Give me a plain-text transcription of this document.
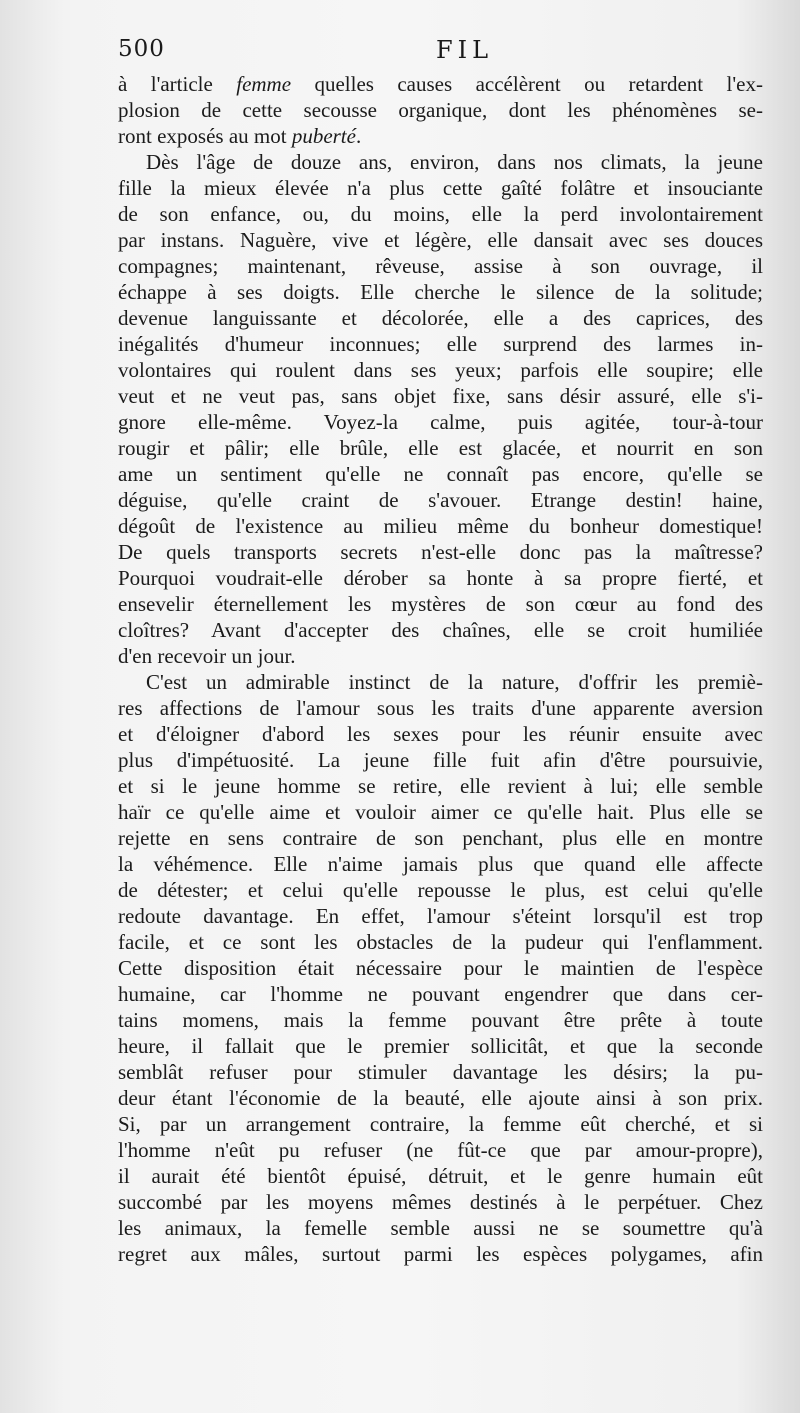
500	FIL
à l'article femme quelles causes accélèrent ou retardent l'ex-
plosion de cette secousse organique, dont les phénomènes se-
ront exposés au mot puberté.
Dès l'âge de douze ans, environ, dans nos climats, la jeune
fille la mieux élevée n'a plus cette gaîté folâtre et insouciante
de son enfance, ou, du moins, elle la perd involontairement
par instans. Naguère, vive et légère, elle dansait avec ses douces
compagnes; maintenant, rêveuse, assise à son ouvrage, il
échappe à ses doigts. Elle cherche le silence de la solitude;
devenue languissante et décolorée, elle a des caprices, des
inégalités d'humeur inconnues; elle surprend des larmes in-
volontaires qui roulent dans ses yeux; parfois elle soupire; elle
veut et ne veut pas, sans objet fixe, sans désir assuré, elle s'i-
gnore elle-même. Voyez-la calme, puis agitée, tour-à-tour
rougir et pâlir; elle brûle, elle est glacée, et nourrit en son
ame un sentiment qu'elle ne connaît pas encore, qu'elle se
déguise, qu'elle craint de s'avouer. Etrange destin! haine,
dégoût de l'existence au milieu même du bonheur domestique!
De quels transports secrets n'est-elle donc pas la maîtresse?
Pourquoi voudrait-elle dérober sa honte à sa propre fierté, et
ensevelir éternellement les mystères de son cœur au fond des
cloîtres? Avant d'accepter des chaînes, elle se croit humiliée
d'en recevoir un jour.
C'est un admirable instinct de la nature, d'offrir les premiè-
res affections de l'amour sous les traits d'une apparente aversion
et d'éloigner d'abord les sexes pour les réunir ensuite avec
plus d'impétuosité. La jeune fille fuit afin d'être poursuivie,
et si le jeune homme se retire, elle revient à lui; elle semble
haïr ce qu'elle aime et vouloir aimer ce qu'elle hait. Plus elle se
rejette en sens contraire de son penchant, plus elle en montre
la véhémence. Elle n'aime jamais plus que quand elle affecte
de détester; et celui qu'elle repousse le plus, est celui qu'elle
redoute davantage. En effet, l'amour s'éteint lorsqu'il est trop
facile, et ce sont les obstacles de la pudeur qui l'enflamment.
Cette disposition était nécessaire pour le maintien de l'espèce
humaine, car l'homme ne pouvant engendrer que dans cer-
tains momens, mais la femme pouvant être prête à toute
heure, il fallait que le premier sollicitât, et que la seconde
semblât refuser pour stimuler davantage les désirs; la pu-
deur étant l'économie de la beauté, elle ajoute ainsi à son prix.
Si, par un arrangement contraire, la femme eût cherché, et si
l'homme n'eût pu refuser (ne fût-ce que par amour-propre),
il aurait été bientôt épuisé, détruit, et le genre humain eût
succombé par les moyens mêmes destinés à le perpétuer. Chez
les animaux, la femelle semble aussi ne se soumettre qu'à
regret aux mâles, surtout parmi les espèces polygames, afin
